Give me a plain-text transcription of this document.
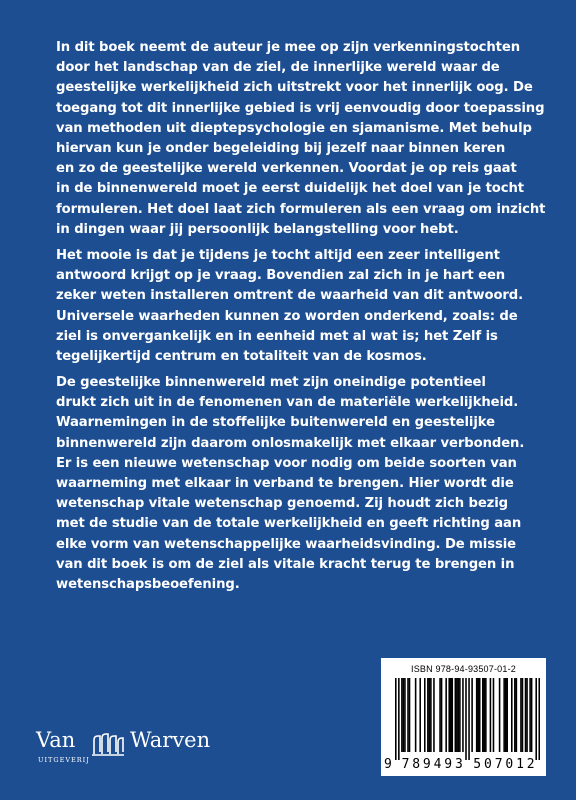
In dit boek neemt de auteur je mee op zijn verkenningstochten

door het landschap van de ziel, de innerlijke wereld waar de

geestelijke werkelijkheid zich uitstrekt voor het innerlijk oog. De

toegang tot dit innerlijke gebied is vrij eenvoudig door toepassing

van methoden uit dieptepsychologie en sjamanisme. Met behulp

hiervan kun je onder begeleiding bij jezelf naar binnen keren

en zo de geestelijke wereld verkennen. Voordat je op reis gaat

in de binnenwereld moet je eerst duidelijk het doel van je tocht

formuleren. Het doel laat zich formuleren als een vraag om inzicht

in dingen waar jij persoonlijk belangstelling voor hebt.

Het mooie is dat je tijdens je tocht altijd een zeer intelligent

antwoord krijgt op je vraag. Bovendien zal zich in je hart een

zeker weten installeren omtrent de waarheid van dit antwoord.

Universele waarheden kunnen zo worden onderkend, zoals: de

ziel is onvergankelijk en in eenheid met al wat is; het Zelf is

tegelijkertijd centrum en totaliteit van de kosmos.

De geestelijke binnenwereld met zijn oneindige potentieel

drukt zich uit in de fenomenen van de materiële werkelijkheid.

Waarnemingen in de stoffelijke buitenwereld en geestelijke

binnenwereld zijn daarom onlosmakelijk met elkaar verbonden.

Er is een nieuwe wetenschap voor nodig om beide soorten van

waarneming met elkaar in verband te brengen. Hier wordt die

wetenschap vitale wetenschap genoemd. Zij houdt zich bezig

met de studie van de totale werkelijkheid en geeft richting aan

elke vorm van wetenschappelijke waarheidsvinding. De missie

van dit boek is om de ziel als vitale kracht terug te brengen in

wetenschapsbeoefening.

Van	Warven
UITGEVERIJ
ISBN 978-94-93507-01-2
9 7 8 9 4 9 3 5 0 7 0 1 2
